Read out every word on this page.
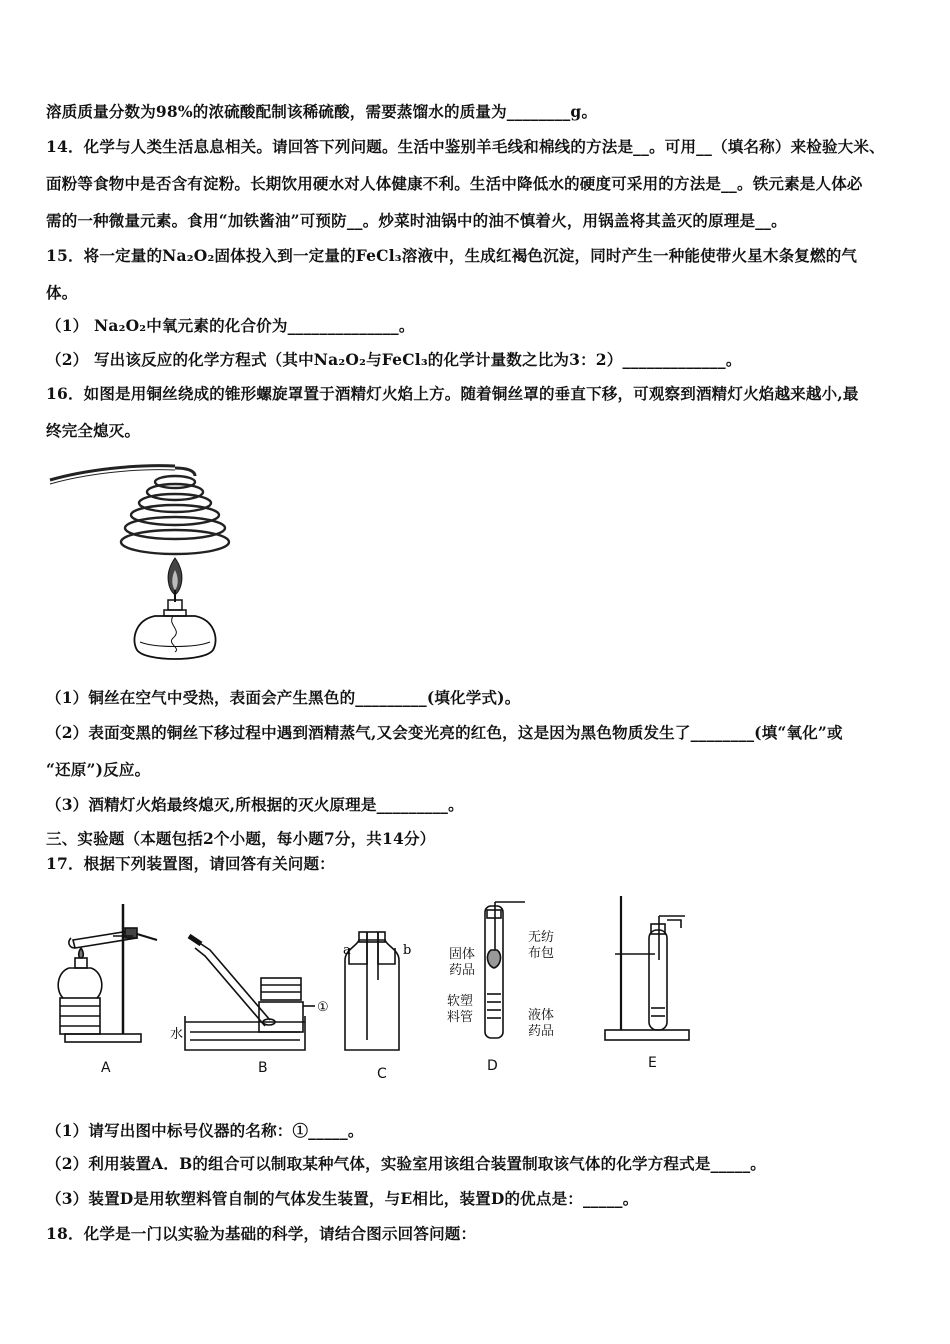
溶质质量分数为98%的浓硫酸配制该稀硫酸，需要蒸馏水的质量为________g。
14．化学与人类生活息息相关。请回答下列问题。生活中鉴别羊毛线和棉线的方法是__。可用__（填名称）来检验大米、
面粉等食物中是否含有淀粉。长期饮用硬水对人体健康不利。生活中降低水的硬度可采用的方法是__。铁元素是人体必
需的一种微量元素。食用“加铁酱油”可预防__。炒菜时油锅中的油不慎着火，用锅盖将其盖灭的原理是__。
15．将一定量的Na₂O₂固体投入到一定量的FeCl₃溶液中，生成红褐色沉淀，同时产生一种能使带火星木条复燃的气
体。
（1） Na₂O₂中氧元素的化合价为______________。
（2） 写出该反应的化学方程式（其中Na₂O₂与FeCl₃的化学计量数之比为3：2）_____________。
16．如图是用铜丝绕成的锥形螺旋罩置于酒精灯火焰上方。随着铜丝罩的垂直下移，可观察到酒精灯火焰越来越小,最
终完全熄灭。
（1）铜丝在空气中受热，表面会产生黑色的_________(填化学式)。
（2）表面变黑的铜丝下移过程中遇到酒精蒸气,又会变光亮的红色，这是因为黑色物质发生了________(填“氧化”或
“还原”)反应。
（3）酒精灯火焰最终熄灭,所根据的灭火原理是_________。
三、实验题（本题包括2个小题，每小题7分，共14分）
17．根据下列装置图，请回答有关问题：
水
①
a	b	固体
药品
软塑
料管
无纺
布包
液体
药品
A	B	C	D	E
（1）请写出图中标号仪器的名称：①_____。
（2）利用装置A．B的组合可以制取某种气体，实验室用该组合装置制取该气体的化学方程式是_____。
（3）装置D是用软塑料管自制的气体发生装置，与E相比，装置D的优点是：_____。
18．化学是一门以实验为基础的科学，请结合图示回答问题：
